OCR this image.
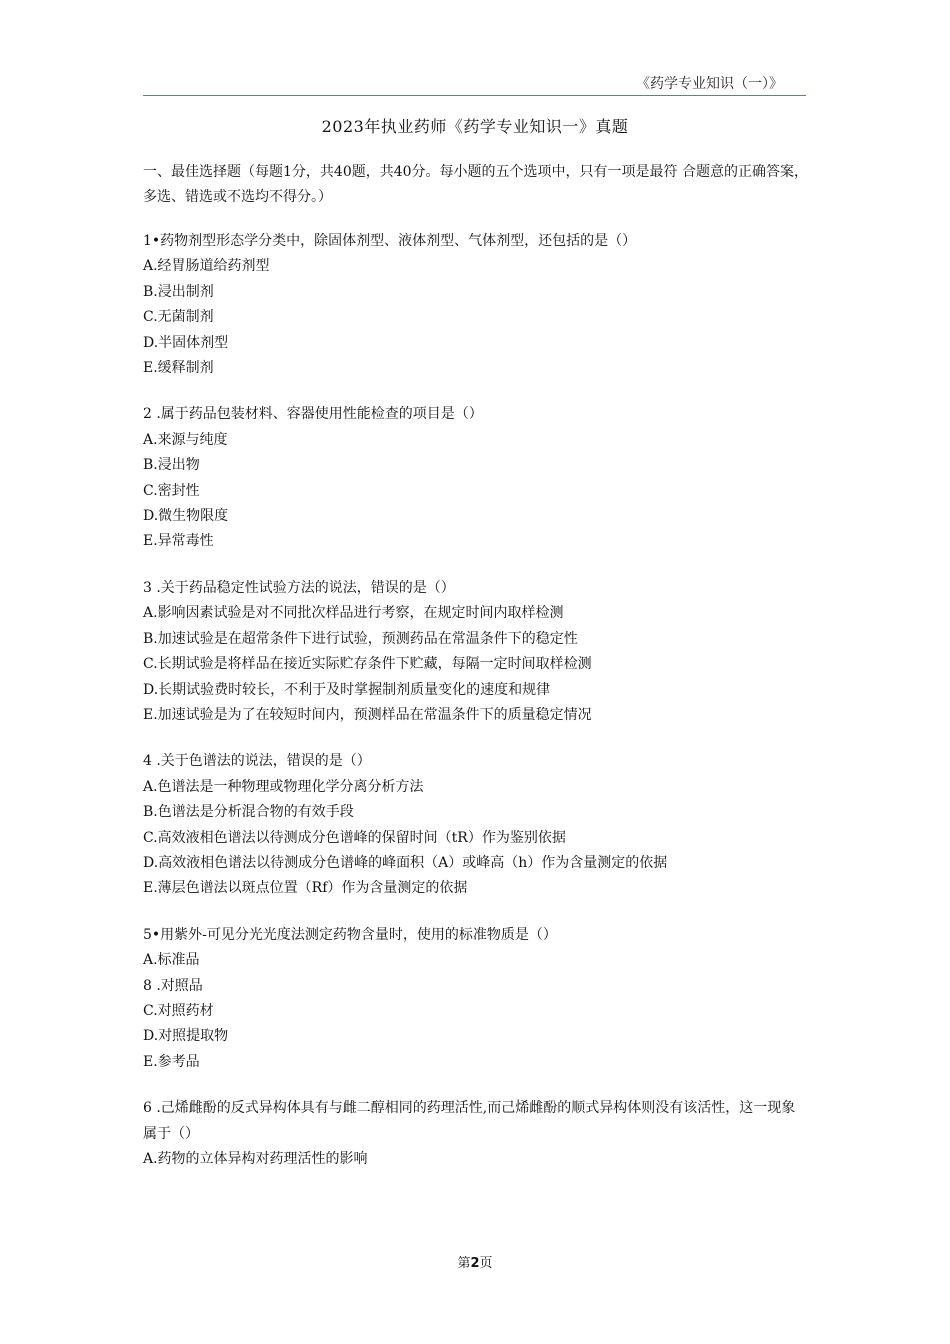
《药学专业知识（一）》
2023年执业药师《药学专业知识一》真题

一、最佳选择题（每题1分，共40题，共40分。每小题的五个选项中，只有一项是最符 合题意的正确答案，多选、错选或不选均不得分。）

1•药物剂型形态学分类中，除固体剂型、液体剂型、气体剂型，还包括的是（）

A.经胃肠道给药剂型

B.浸出制剂

C.无菌制剂

D.半固体剂型

E.缓释制剂

2 .属于药品包装材料、容器使用性能检查的项目是（）

A.来源与纯度

B.浸出物

C.密封性

D.微生物限度

E.异常毒性

3 .关于药品稳定性试验方法的说法，错误的是（）

A.影响因素试验是对不同批次样品进行考察，在规定时间内取样检测

B.加速试验是在超常条件下进行试验，预测药品在常温条件下的稳定性

C.长期试验是将样品在接近实际贮存条件下贮藏，每隔一定时间取样检测

D.长期试验费时较长，不利于及时掌握制剂质量变化的速度和规律

E.加速试验是为了在较短时间内，预测样品在常温条件下的质量稳定情况

4 .关于色谱法的说法，错误的是（）

A.色谱法是一种物理或物理化学分离分析方法

B.色谱法是分析混合物的有效手段

C.高效液相色谱法以待测成分色谱峰的保留时间（tR）作为鉴别依据

D.高效液相色谱法以待测成分色谱峰的峰面积（A）或峰高（h）作为含量测定的依据

E.薄层色谱法以斑点位置（Rf）作为含量测定的依据

5•用紫外-可见分光光度法测定药物含量时，使用的标准物质是（）

A.标准品

8 .对照品

C.对照药材

D.对照提取物

E.参考品

6 .己烯雌酚的反式异构体具有与雌二醇相同的药理活性,而己烯雌酚的顺式异构体则没有该活性，这一现象属于（）

A.药物的立体异构对药理活性的影响

第2页
